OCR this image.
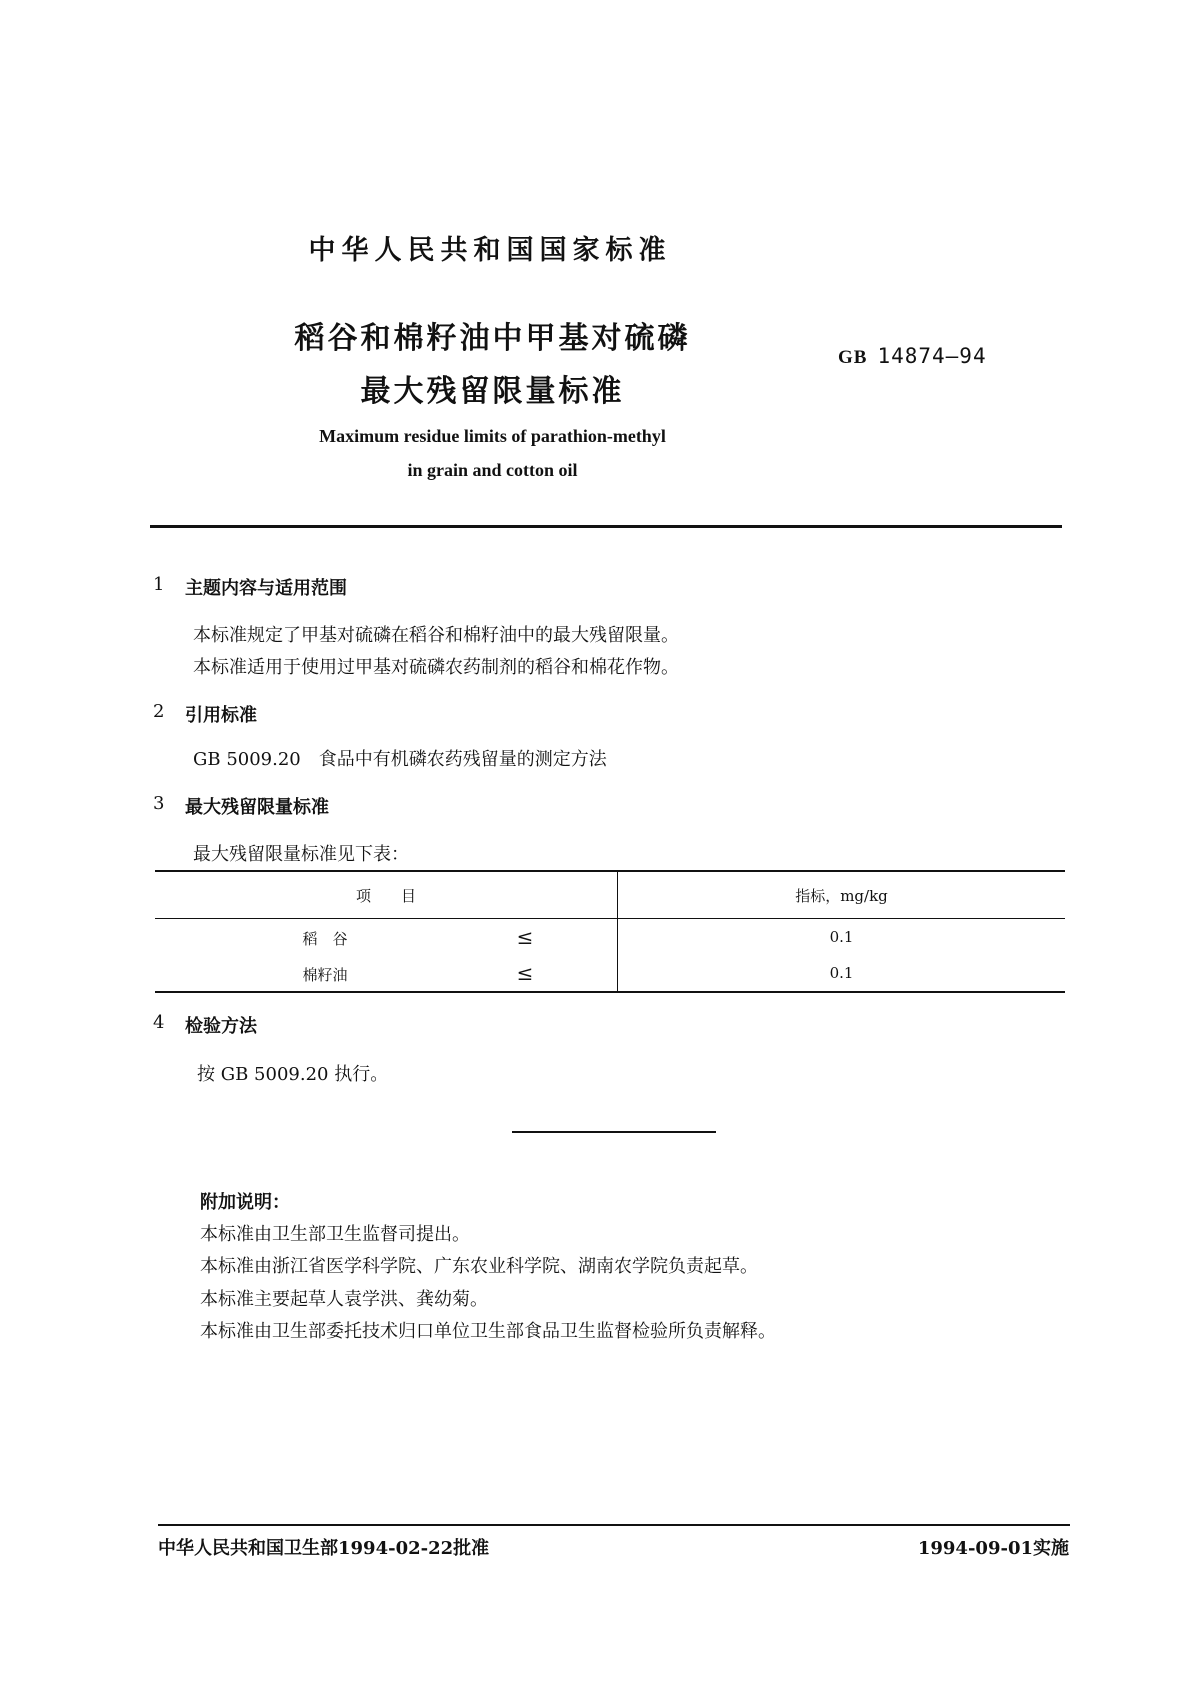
中华人民共和国国家标准
稻谷和棉籽油中甲基对硫磷
最大残留限量标准
GB 14874—94
Maximum residue limits of parathion-methyl
in grain and cotton oil
1 主题内容与适用范围
本标准规定了甲基对硫磷在稻谷和棉籽油中的最大残留限量。
本标准适用于使用过甲基对硫磷农药制剂的稻谷和棉花作物。
2 引用标准
GB 5009.20　食品中有机磷农药残留量的测定方法
3 最大残留限量标准
最大残留限量标准见下表：
项　　目	指标，mg/kg
稻　谷 ≤	0.1
棉籽油 ≤	0.1
4 检验方法
按 GB 5009.20 执行。
附加说明：
本标准由卫生部卫生监督司提出。
本标准由浙江省医学科学院、广东农业科学院、湖南农学院负责起草。
本标准主要起草人袁学洪、龚幼菊。
本标准由卫生部委托技术归口单位卫生部食品卫生监督检验所负责解释。
中华人民共和国卫生部1994-02-22批准	1994-09-01实施
